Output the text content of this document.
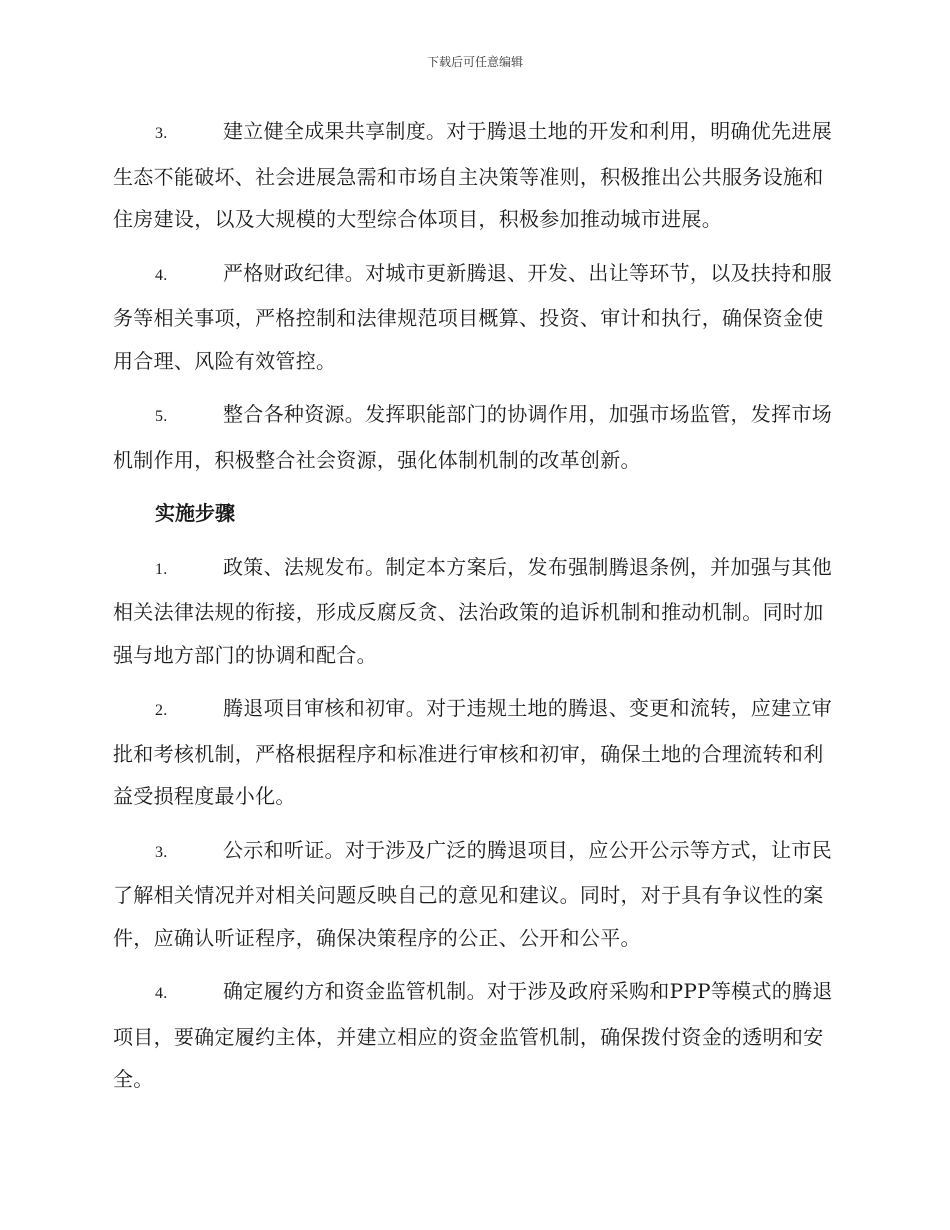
下载后可任意编辑

3.	建立健全成果共享制度。对于腾退土地的开发和利用，明确优先进展生态不能破坏、社会进展急需和市场自主决策等准则，积极推出公共服务设施和住房建设，以及大规模的大型综合体项目，积极参加推动城市进展。

4.	严格财政纪律。对城市更新腾退、开发、出让等环节，以及扶持和服务等相关事项，严格控制和法律规范项目概算、投资、审计和执行，确保资金使用合理、风险有效管控。

5.	整合各种资源。发挥职能部门的协调作用，加强市场监管，发挥市场机制作用，积极整合社会资源，强化体制机制的改革创新。

实施步骤

1.	政策、法规发布。制定本方案后，发布强制腾退条例，并加强与其他相关法律法规的衔接，形成反腐反贪、法治政策的追诉机制和推动机制。同时加强与地方部门的协调和配合。

2.	腾退项目审核和初审。对于违规土地的腾退、变更和流转，应建立审批和考核机制，严格根据程序和标准进行审核和初审，确保土地的合理流转和利益受损程度最小化。

3.	公示和听证。对于涉及广泛的腾退项目，应公开公示等方式，让市民了解相关情况并对相关问题反映自己的意见和建议。同时，对于具有争议性的案件，应确认听证程序，确保决策程序的公正、公开和公平。

4.	确定履约方和资金监管机制。对于涉及政府采购和PPP等模式的腾退项目，要确定履约主体，并建立相应的资金监管机制，确保拨付资金的透明和安全。
